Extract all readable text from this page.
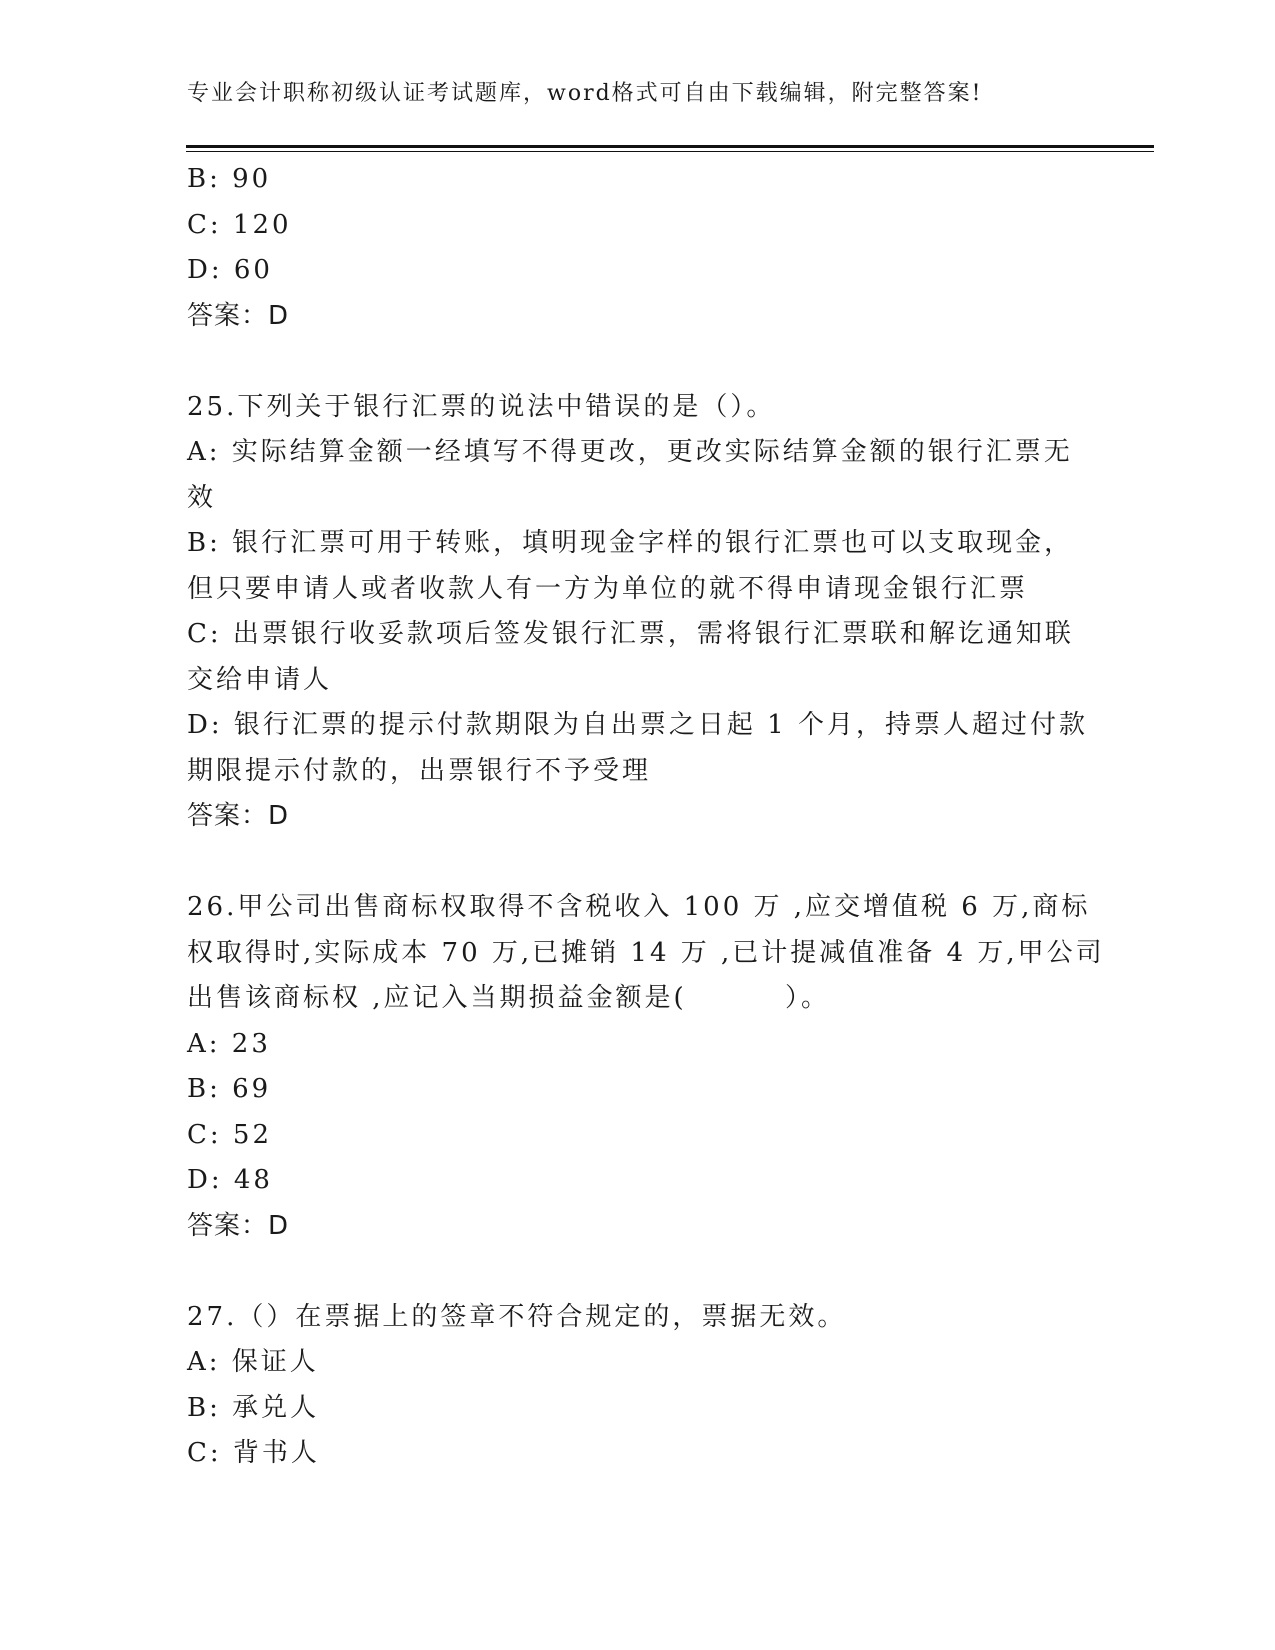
专业会计职称初级认证考试题库，word格式可自由下载编辑，附完整答案!
B: 90
C: 120
D: 60
答案：D
25.下列关于银行汇票的说法中错误的是（）。
A: 实际结算金额一经填写不得更改，更改实际结算金额的银行汇票无
效
B: 银行汇票可用于转账，填明现金字样的银行汇票也可以支取现金，
但只要申请人或者收款人有一方为单位的就不得申请现金银行汇票
C: 出票银行收妥款项后签发银行汇票，需将银行汇票联和解讫通知联
交给申请人
D: 银行汇票的提示付款期限为自出票之日起 1 个月，持票人超过付款
期限提示付款的，出票银行不予受理
答案：D
26.甲公司出售商标权取得不含税收入 100 万 ,应交增值税 6 万,商标
权取得时,实际成本 70 万,已摊销 14 万 ,已计提减值准备 4 万,甲公司
出售该商标权 ,应记入当期损益金额是(　　　 ）。
A: 23
B: 69
C: 52
D: 48
答案：D
27.（）在票据上的签章不符合规定的，票据无效。
A: 保证人
B: 承兑人
C: 背书人
